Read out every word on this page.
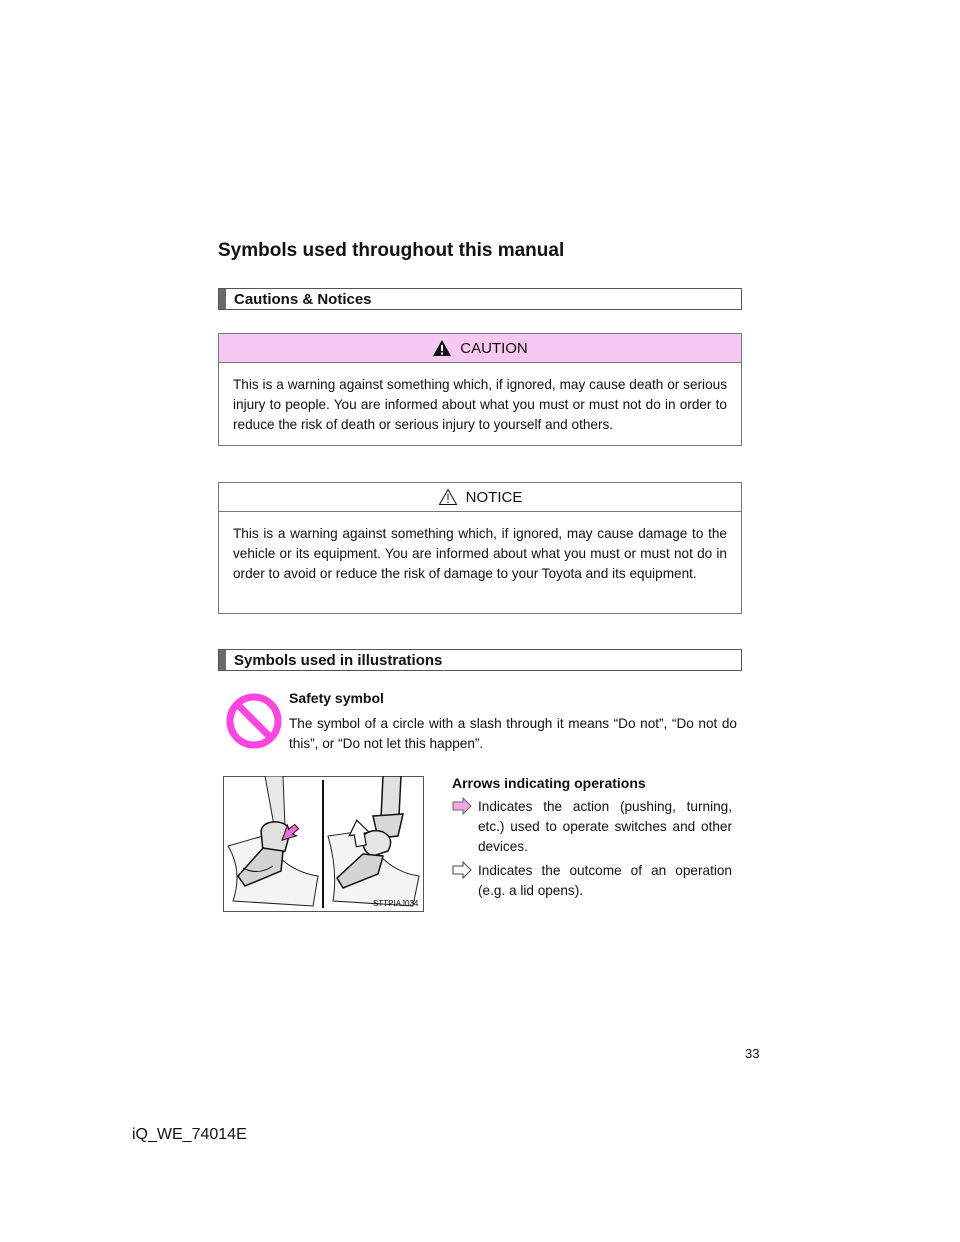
Symbols used throughout this manual
Cautions & Notices
CAUTION
This is a warning against something which, if ignored, may cause death or serious injury to people. You are informed about what you must or must not do in order to reduce the risk of death or serious injury to yourself and others.
NOTICE
This is a warning against something which, if ignored, may cause damage to the vehicle or its equipment. You are informed about what you must or must not do in order to avoid or reduce the risk of damage to your Toyota and its equipment.
Symbols used in illustrations
Safety symbol
The symbol of a circle with a slash through it means “Do not”, “Do not do this”, or “Do not let this happen”.
STTPIAJ034
Arrows indicating operations
Indicates the action (pushing, turning, etc.) used to operate switches and other devices.
Indicates the outcome of an operation (e.g. a lid opens).
33
iQ_WE_74014E
